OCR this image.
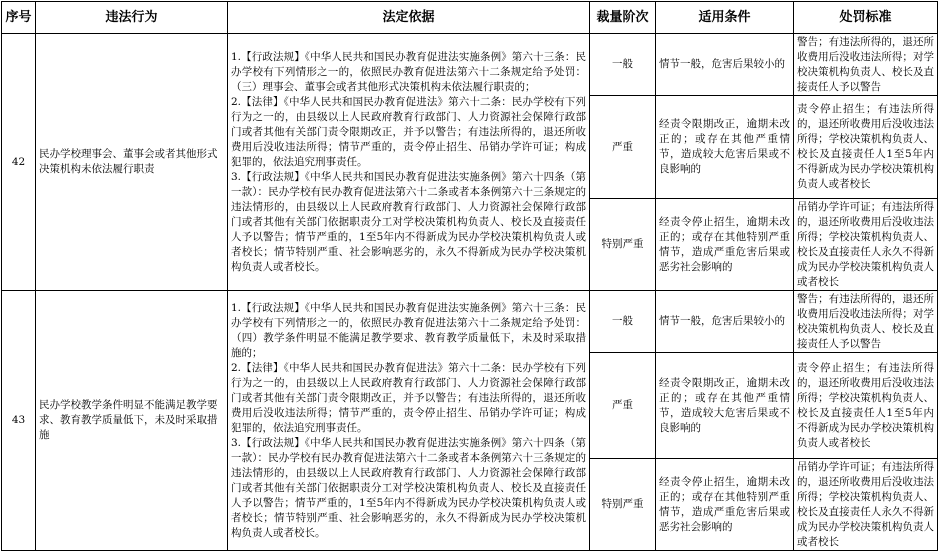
序号	违法行为	法定依据	裁量阶次	适用条件	处罚标准
42	民办学校理事会、董事会或者其他形式决策机构未依法履行职责	1.【行政法规】《中华人民共和国民办教育促进法实施条例》第六十三条：民办学校有下列情形之一的，依照民办教育促进法第六十二条规定给予处罚：（三）理事会、董事会或者其他形式决策机构未依法履行职责的；

2.【法律】《中华人民共和国民办教育促进法》第六十二条：民办学校有下列行为之一的，由县级以上人民政府教育行政部门、人力资源社会保障行政部门或者其他有关部门责令限期改正，并予以警告；有违法所得的，退还所收费用后没收违法所得；情节严重的，责令停止招生、吊销办学许可证；构成犯罪的，依法追究刑事责任。

3.【行政法规】《中华人民共和国民办教育促进法实施条例》第六十四条（第一款）：民办学校有民办教育促进法第六十二条或者本条例第六十三条规定的违法情形的，由县级以上人民政府教育行政部门、人力资源社会保障行政部门或者其他有关部门依据职责分工对学校决策机构负责人、校长及直接责任人予以警告；情节严重的，1至5年内不得新成为民办学校决策机构负责人或者校长；情节特别严重、社会影响恶劣的，永久不得新成为民办学校决策机构负责人或者校长。	一般	情节一般，危害后果较小的	警告；有违法所得的，退还所收费用后没收违法所得；对学校决策机构负责人、校长及直接责任人予以警告
			严重	经责令限期改正，逾期未改正的；或存在其他严重情节，造成较大危害后果或不良影响的	责令停止招生；有违法所得的，退还所收费用后没收违法所得；学校决策机构负责人、校长及直接责任人1至5年内不得新成为民办学校决策机构负责人或者校长
			特别严重	经责令停止招生，逾期未改正的；或存在其他特别严重情节，造成严重危害后果或恶劣社会影响的	吊销办学许可证；有违法所得的，退还所收费用后没收违法所得；学校决策机构负责人、校长及直接责任人永久不得新成为民办学校决策机构负责人或者校长
43	民办学校教学条件明显不能满足教学要求、教育教学质量低下，未及时采取措施	1.【行政法规】《中华人民共和国民办教育促进法实施条例》第六十三条：民办学校有下列情形之一的，依照民办教育促进法第六十二条规定给予处罚：（四）教学条件明显不能满足教学要求、教育教学质量低下，未及时采取措施的；

2.【法律】《中华人民共和国民办教育促进法》第六十二条：民办学校有下列行为之一的，由县级以上人民政府教育行政部门、人力资源社会保障行政部门或者其他有关部门责令限期改正，并予以警告；有违法所得的，退还所收费用后没收违法所得；情节严重的，责令停止招生、吊销办学许可证；构成犯罪的，依法追究刑事责任。

3.【行政法规】《中华人民共和国民办教育促进法实施条例》第六十四条（第一款）：民办学校有民办教育促进法第六十二条或者本条例第六十三条规定的违法情形的，由县级以上人民政府教育行政部门、人力资源社会保障行政部门或者其他有关部门依据职责分工对学校决策机构负责人、校长及直接责任人予以警告；情节严重的，1至5年内不得新成为民办学校决策机构负责人或者校长；情节特别严重、社会影响恶劣的，永久不得新成为民办学校决策机构负责人或者校长。	一般	情节一般，危害后果较小的	警告；有违法所得的，退还所收费用后没收违法所得；对学校决策机构负责人、校长及直接责任人予以警告
			严重	经责令限期改正，逾期未改正的；或存在其他严重情节，造成较大危害后果或不良影响的	责令停止招生；有违法所得的，退还所收费用后没收违法所得；学校决策机构负责人、校长及直接责任人1至5年内不得新成为民办学校决策机构负责人或者校长
			特别严重	经责令停止招生，逾期未改正的；或存在其他特别严重情节，造成严重危害后果或恶劣社会影响的	吊销办学许可证；有违法所得的，退还所收费用后没收违法所得；学校决策机构负责人、校长及直接责任人永久不得新成为民办学校决策机构负责人或者校长
